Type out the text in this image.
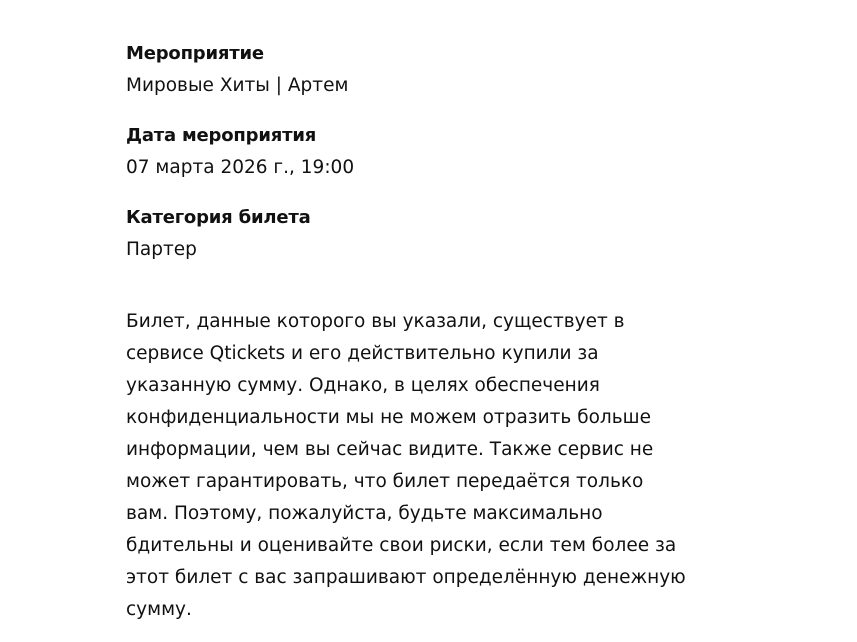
Мероприятие

Мировые Хиты | Артем

Дата мероприятия

07 марта 2026 г., 19:00

Категория билета

Партер

Билет, данные которого вы указали, существует в сервисе Qtickets и его действительно купили за указанную сумму. Однако, в целях обеспечения конфиденциальности мы не можем отразить больше информации, чем вы сейчас видите. Также сервис не может гарантировать, что билет передаётся только вам. Поэтому, пожалуйста, будьте максимально бдительны и оценивайте свои риски, если тем более за этот билет с вас запрашивают определённую денежную сумму.
